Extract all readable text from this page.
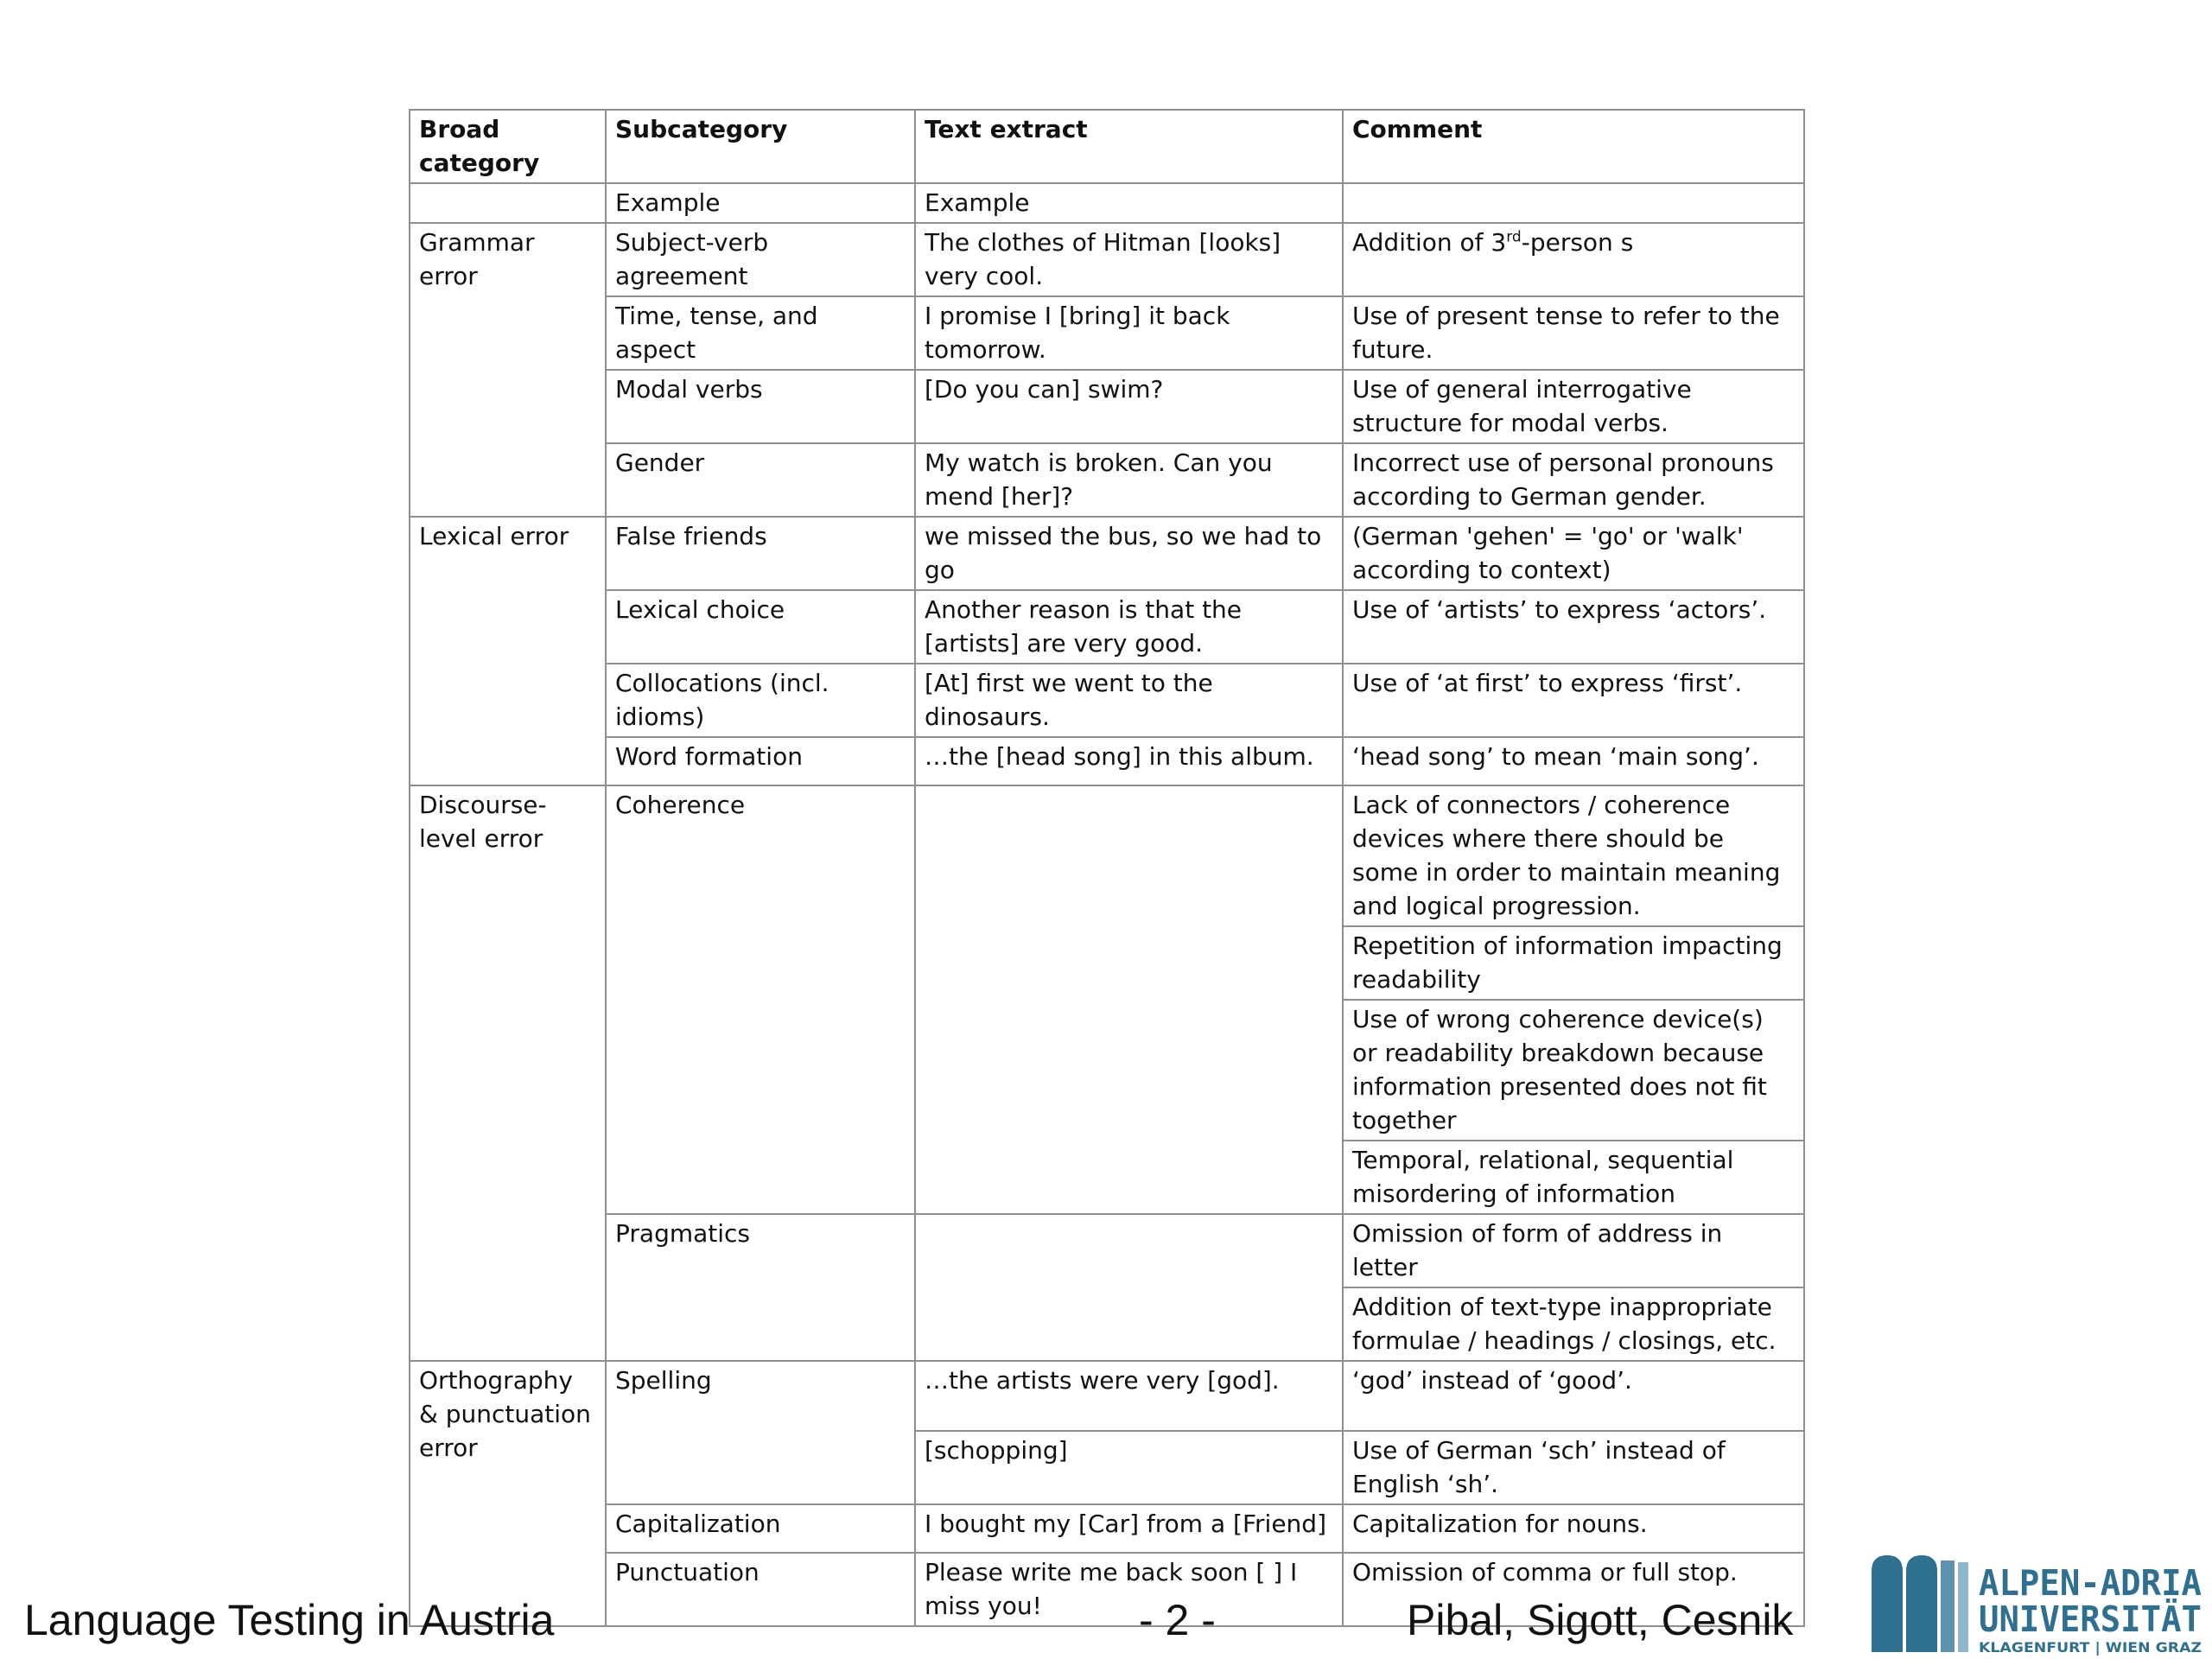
Broad category	Subcategory	Text extract	Comment
	Example	Example	
Grammar error	Subject-verb agreement	The clothes of Hitman [looks] very cool.	Addition of 3rd-person s
	Time, tense, and aspect	I promise I [bring] it back tomorrow.	Use of present tense to refer to the future.
	Modal verbs	[Do you can] swim?	Use of general interrogative structure for modal verbs.
	Gender	My watch is broken. Can you mend [her]?	Incorrect use of personal pronouns according to German gender.
Lexical error	False friends	we missed the bus, so we had to go	(German 'gehen' = 'go' or 'walk' according to context)
	Lexical choice	Another reason is that the [artists] are very good.	Use of ‘artists’ to express ‘actors’.
	Collocations (incl. idioms)	[At] first we went to the dinosaurs.	Use of ‘at first’ to express ‘first’.
	Word formation	…the [head song] in this album.	‘head song’ to mean ‘main song’.
Discourse-level error	Coherence		Lack of connectors / coherence devices where there should be some in order to maintain meaning and logical progression.
			Repetition of information impacting readability
			Use of wrong coherence device(s) or readability breakdown because information presented does not fit together
			Temporal, relational, sequential misordering of information
	Pragmatics		Omission of form of address in letter
			Addition of text-type inappropriate formulae / headings / closings, etc.
Orthography & punctuation error	Spelling	…the artists were very [god].	‘god’ instead of ‘good’.
		[schopping]	Use of German ‘sch’ instead of English ‘sh’.
	Capitalization	I bought my [Car] from a [Friend]	Capitalization for nouns.
	Punctuation	Please write me back soon [ ] I miss you!	Omission of comma or full stop.
Language Testing in Austria	- 2 -	Pibal, Sigott, Cesnik
ALPEN-ADRIA
UNIVERSITÄT
KLAGENFURT | WIEN GRAZ
